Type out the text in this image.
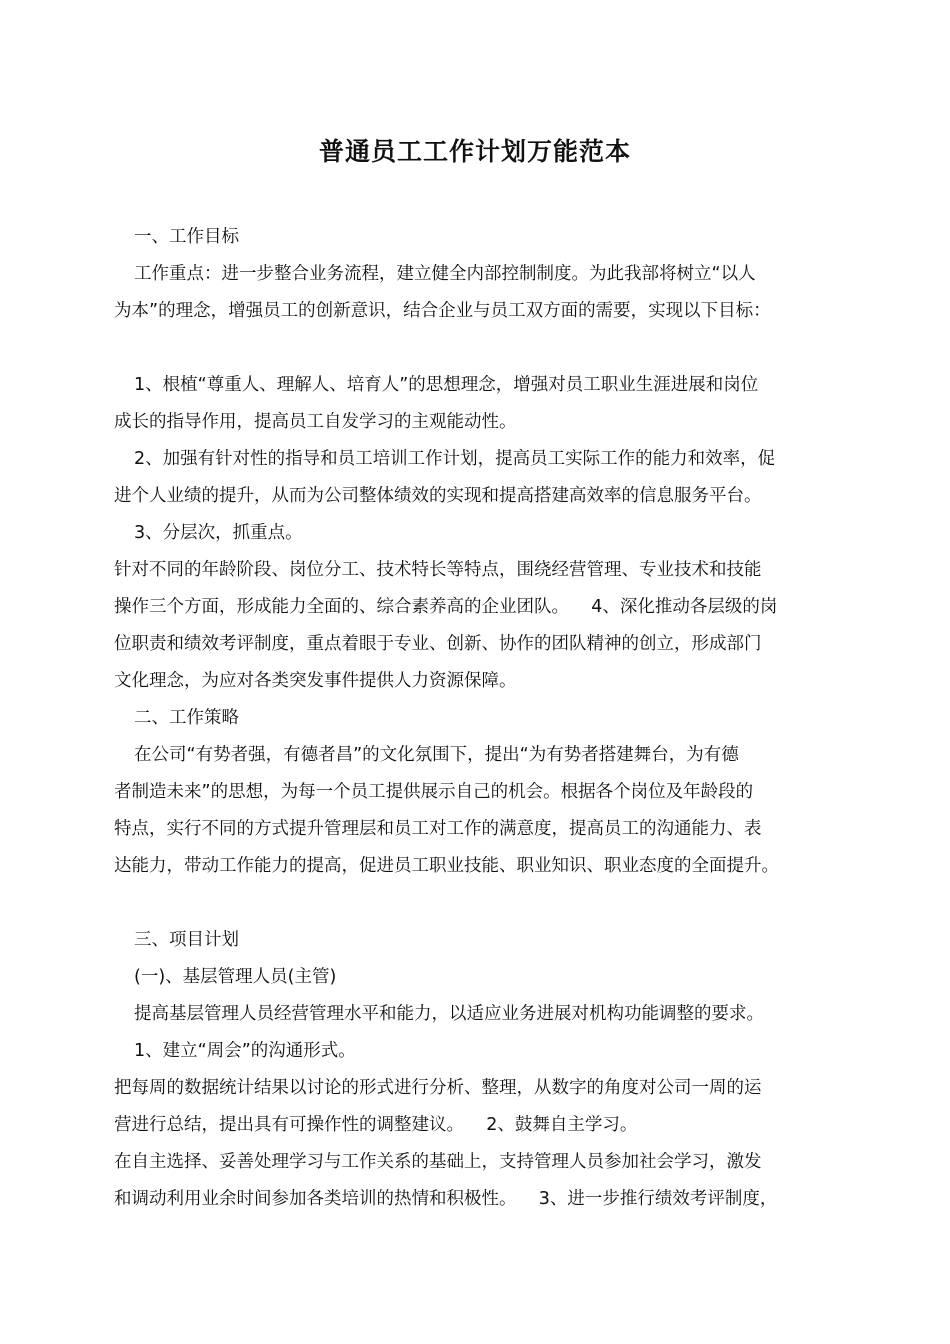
普通员工工作计划万能范本
一、工作目标
工作重点：进一步整合业务流程，建立健全内部控制制度。为此我部将树立“以人
为本”的理念，增强员工的创新意识，结合企业与员工双方面的需要，实现以下目标：
1、根植“尊重人、理解人、培育人”的思想理念，增强对员工职业生涯进展和岗位
成长的指导作用，提高员工自发学习的主观能动性。
2、加强有针对性的指导和员工培训工作计划，提高员工实际工作的能力和效率，促
进个人业绩的提升，从而为公司整体绩效的实现和提高搭建高效率的信息服务平台。
3、分层次，抓重点。
针对不同的年龄阶段、岗位分工、技术特长等特点，围绕经营管理、专业技术和技能
操作三个方面，形成能力全面的、综合素养高的企业团队。    4、深化推动各层级的岗
位职责和绩效考评制度，重点着眼于专业、创新、协作的团队精神的创立，形成部门
文化理念，为应对各类突发事件提供人力资源保障。
二、工作策略
在公司“有势者强，有德者昌”的文化氛围下，提出“为有势者搭建舞台，为有德
者制造未来”的思想，为每一个员工提供展示自己的机会。根据各个岗位及年龄段的
特点，实行不同的方式提升管理层和员工对工作的满意度，提高员工的沟通能力、表
达能力，带动工作能力的提高，促进员工职业技能、职业知识、职业态度的全面提升。
三、项目计划
(一)、基层管理人员(主管)
提高基层管理人员经营管理水平和能力，以适应业务进展对机构功能调整的要求。
1、建立“周会”的沟通形式。
把每周的数据统计结果以讨论的形式进行分析、整理，从数字的角度对公司一周的运
营进行总结，提出具有可操作性的调整建议。    2、鼓舞自主学习。
在自主选择、妥善处理学习与工作关系的基础上，支持管理人员参加社会学习，激发
和调动利用业余时间参加各类培训的热情和积极性。    3、进一步推行绩效考评制度，
